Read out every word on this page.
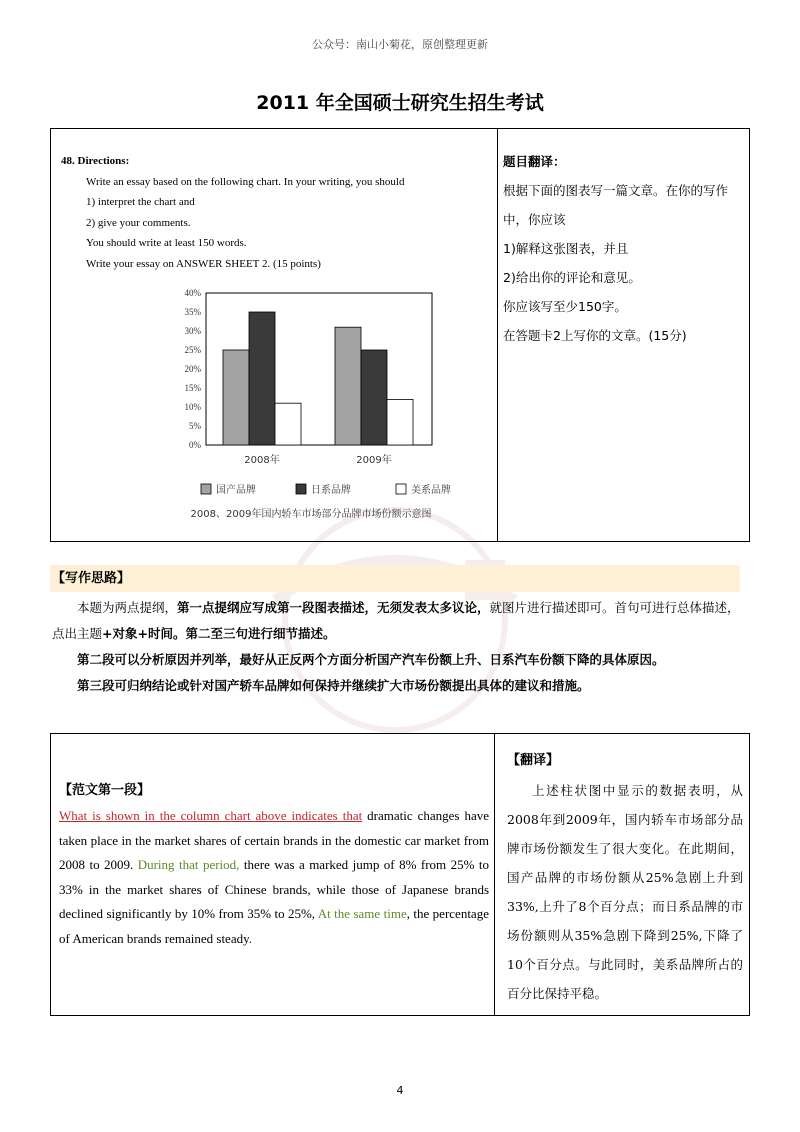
公众号：南山小菊花，原创整理更新
2011 年全国硕士研究生招生考试
48. Directions:
Write an essay based on the following chart. In your writing, you should
1) interpret the chart and
2) give your comments.
You should write at least 150 words.
Write your essay on ANSWER SHEET 2. (15 points)
题目翻译：
根据下面的图表写一篇文章。在你的写作中，你应该
1)解释这张图表，并且
2)给出你的评论和意见。
你应该写至少150字。
在答题卡2上写你的文章。(15分)
0%
5%
10%
15%
20%
25%
30%
35%
40%
2008年	2009年
国产品牌	日系品牌	美系品牌
2008、2009年国内轿车市场部分品牌市场份额示意图
【写作思路】

本题为两点提纲，第一点提纲应写成第一段图表描述，无须发表太多议论，就图片进行描述即可。首句可进行总体描述，点出主题+对象+时间。第二至三句进行细节描述。

第二段可以分析原因并列举，最好从正反两个方面分析国产汽车份额上升、日系汽车份额下降的具体原因。

第三段可归纳结论或针对国产轿车品牌如何保持并继续扩大市场份额提出具体的建议和措施。

【范文第一段】
What is shown in the column chart above indicates that dramatic changes have taken place in the market shares of certain brands in the domestic car market from 2008 to 2009. During that period, there was a marked jump of 8% from 25% to 33% in the market shares of Chinese brands, while those of Japanese brands declined significantly by 10% from 35% to 25%, At the same time, the percentage of American brands remained steady.
【翻译】
上述柱状图中显示的数据表明，从2008年到2009年，国内轿车市场部分品牌市场份额发生了很大变化。在此期间，国产品牌的市场份额从25%急剧上升到33%,上升了8个百分点；而日系品牌的市场份额则从35%急剧下降到25%,下降了10个百分点。与此同时，美系品牌所占的百分比保持平稳。
4
